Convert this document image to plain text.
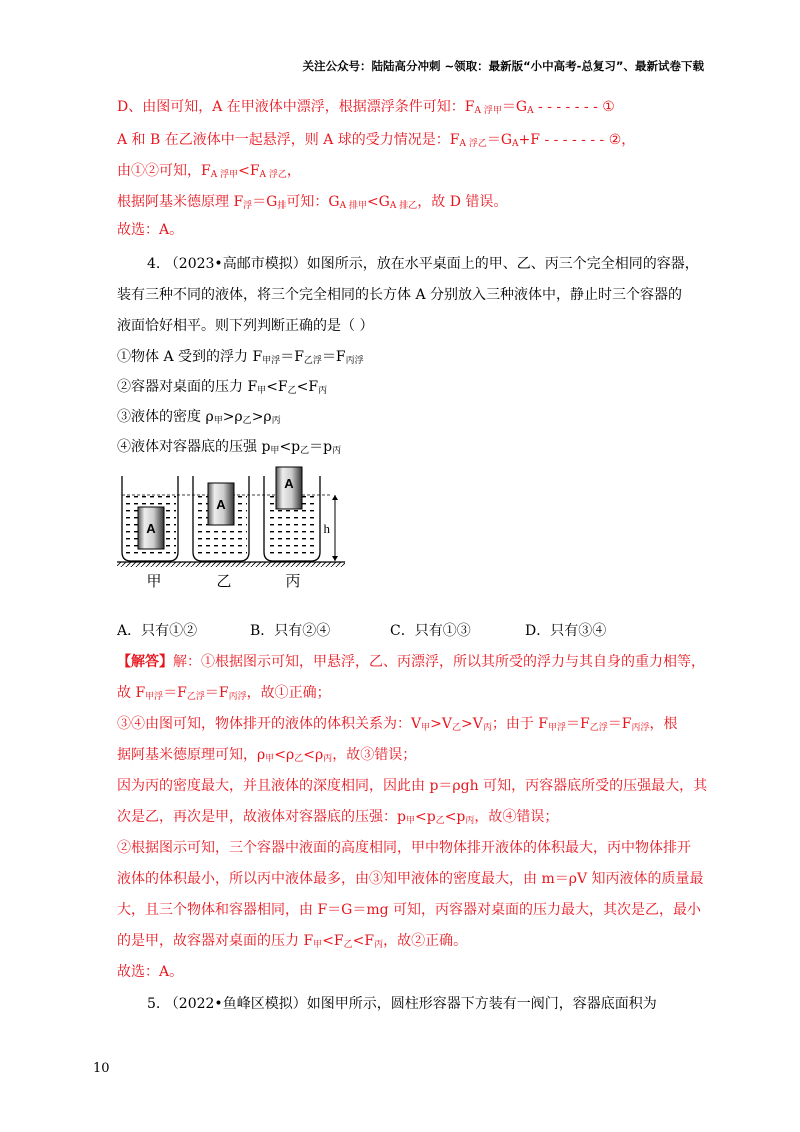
关注公众号：陆陆高分冲刺 ~领取：最新版“小中高考-总复习”、最新试卷下载
D、由图可知，A 在甲液体中漂浮，根据漂浮条件可知：$F_{A 浮甲}=G_A$ - - - - - - - ①
A 和 B 在乙液体中一起悬浮，则 A 球的受力情况是：$F_{A 浮乙}=G_A+F$ - - - - - - - ②，
由①②可知，$F_{A 浮甲}<F_{A 浮乙}$，
根据阿基米德原理 $F_浮=G_排$可知：$G_{A 排甲}<G_{A 排乙}$，故 D 错误。
故选：A。
4. （2023•高邮市模拟）如图所示，放在水平桌面上的甲、乙、丙三个完全相同的容器，
装有三种不同的液体，将三个完全相同的长方体 A 分别放入三种液体中，静止时三个容器的
液面恰好相平。则下列判断正确的是（ ）
①物体 A 受到的浮力 $F_{甲浮}=F_{乙浮}=F_{丙浮}$
②容器对桌面的压力 $F_甲<F_乙<F_丙$
③液体的密度 $\rho_甲>\rho_乙>\rho_丙$
④液体对容器底的压强 $p_甲<p_乙=p_丙$
A
A
A
h
甲	乙	丙
A．只有①②	B．只有②④	C．只有①③	D．只有③④
【解答】解：①根据图示可知，甲悬浮，乙、丙漂浮，所以其所受的浮力与其自身的重力相等，
故 $F_{甲浮}=F_{乙浮}=F_{丙浮}$，故①正确；
③④由图可知，物体排开的液体的体积关系为：$V_甲>V_乙>V_丙$；由于 $F_{甲浮}=F_{乙浮}=F_{丙浮}$，根
据阿基米德原理可知，$\rho_甲<\rho_乙<\rho_丙$，故③错误；
因为丙的密度最大，并且液体的深度相同，因此由 p＝ρgh 可知，丙容器底所受的压强最大，其
次是乙，再次是甲，故液体对容器底的压强：$p_甲<p_乙<p_丙$，故④错误；
②根据图示可知，三个容器中液面的高度相同，甲中物体排开液体的体积最大，丙中物体排开
液体的体积最小，所以丙中液体最多，由③知甲液体的密度最大，由 m＝ρV 知丙液体的质量最
大，且三个物体和容器相同，由 F＝G＝mg 可知，丙容器对桌面的压力最大，其次是乙，最小
的是甲，故容器对桌面的压力 $F_甲<F_乙<F_丙$，故②正确。
故选：A。
5. （2022•鱼峰区模拟）如图甲所示，圆柱形容器下方装有一阀门，容器底面积为
10
